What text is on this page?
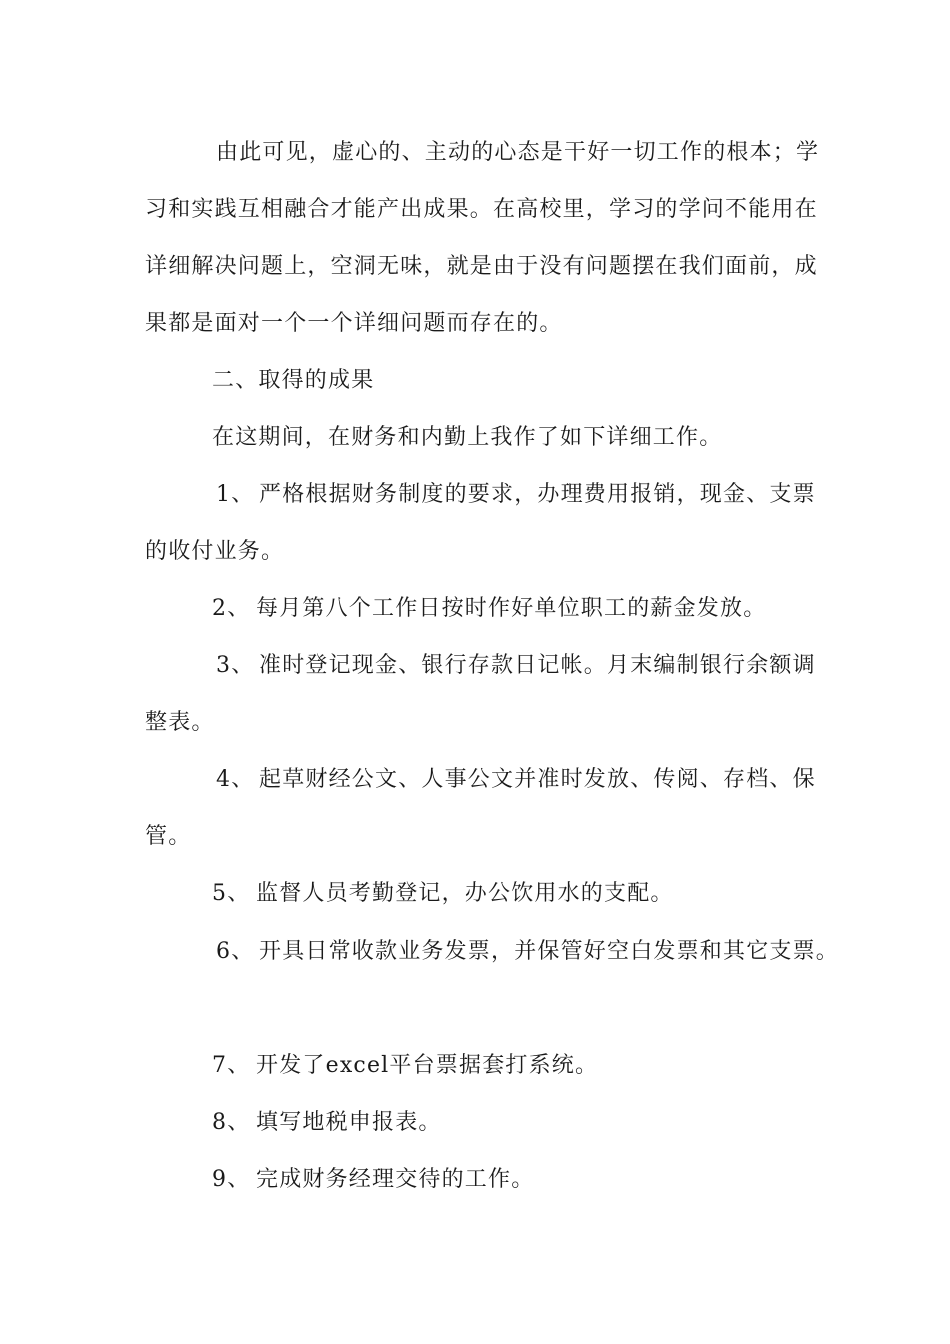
由此可见，虚心的、主动的心态是干好一切工作的根本；学
习和实践互相融合才能产出成果。在高校里，学习的学问不能用在
详细解决问题上，空洞无味，就是由于没有问题摆在我们面前，成
果都是面对一个一个详细问题而存在的。
二、取得的成果
在这期间，在财务和内勤上我作了如下详细工作。
1、 严格根据财务制度的要求，办理费用报销，现金、支票
的收付业务。
2、 每月第八个工作日按时作好单位职工的薪金发放。
3、 准时登记现金、银行存款日记帐。月末编制银行余额调
整表。
4、 起草财经公文、人事公文并准时发放、传阅、存档、保
管。
5、 监督人员考勤登记，办公饮用水的支配。
6、 开具日常收款业务发票，并保管好空白发票和其它支票。
7、 开发了excel平台票据套打系统。
8、 填写地税申报表。
9、 完成财务经理交待的工作。
